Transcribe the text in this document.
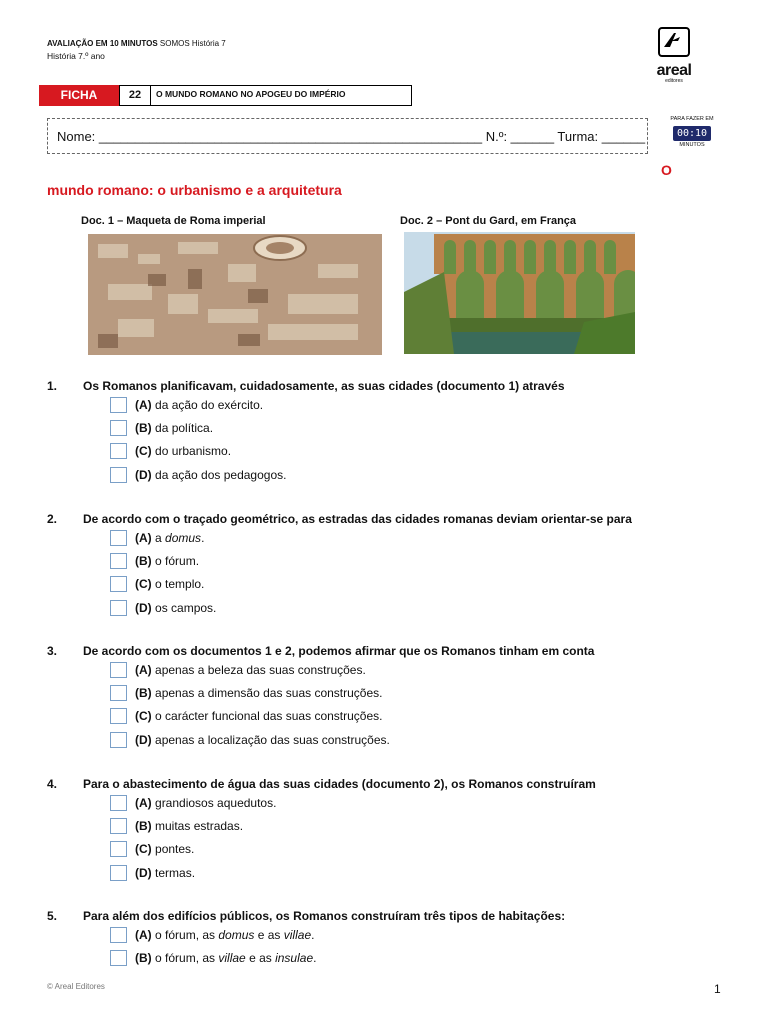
AVALIAÇÃO EM 10 MINUTOS SOMOS História 7
História 7.º ano
areal
editores
FICHA	22	O MUNDO ROMANO NO APOGEU DO IMPÉRIO
Nome: _____________________________________________________ N.º: ______ Turma: ______
PARA FAZER EM
00:10
MINUTOS
O
mundo romano: o urbanismo e a arquitetura
Doc. 1 – Maqueta de Roma imperial	Doc. 2 – Pont du Gard, em França
1. Os Romanos planificavam, cuidadosamente, as suas cidades (documento 1) através
(A) da ação do exército.
(B) da política.
(C) do urbanismo.
(D) da ação dos pedagogos.
2. De acordo com o traçado geométrico, as estradas das cidades romanas deviam orientar-se para
(A) a domus.
(B) o fórum.
(C) o templo.
(D) os campos.
3. De acordo com os documentos 1 e 2, podemos afirmar que os Romanos tinham em conta
(A) apenas a beleza das suas construções.
(B) apenas a dimensão das suas construções.
(C) o carácter funcional das suas construções.
(D) apenas a localização das suas construções.
4. Para o abastecimento de água das suas cidades (documento 2), os Romanos construíram
(A) grandiosos aquedutos.
(B) muitas estradas.
(C) pontes.
(D) termas.
5. Para além dos edifícios públicos, os Romanos construíram três tipos de habitações:
(A) o fórum, as domus e as villae.
(B) o fórum, as villae e as insulae.
© Areal Editores	1
